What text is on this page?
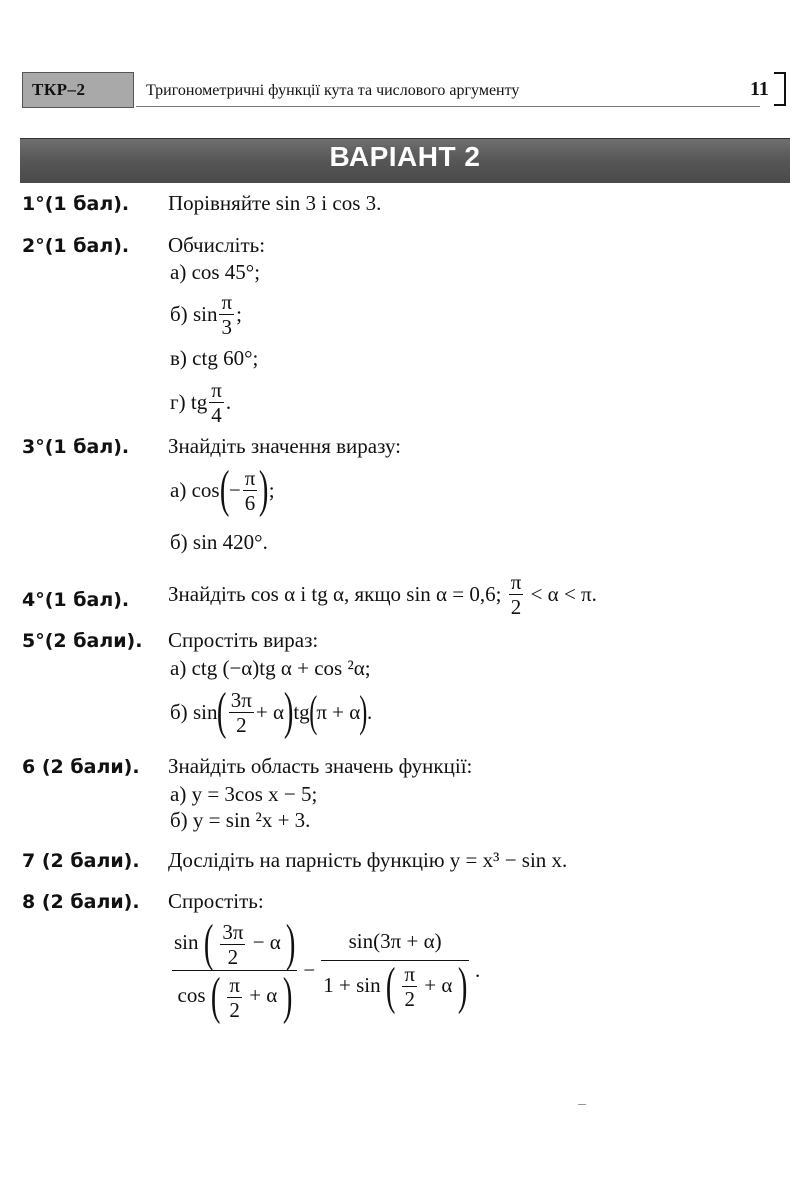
ТКР–2	Тригонометричні функції кута та числового аргументу	11
ВАРІАНТ 2
1°(1 бал). Порівняйте sin 3 і cos 3.
2°(1 бал). Обчисліть:
а) cos 45°;
б)
$\sin \frac{\pi}{3}$ ;
в) ctg 60°;
г)
tg $\frac{\pi}{4}$ .
3°(1 бал). Знайдіть значення виразу:
а)
cos ( − $\frac{\pi}{6}$ ) ;
б) sin 420°.
4°(1 бал). Знайдіть cos α і tg α, якщо sin α = 0,6;
$\frac{\pi}{2}$
< α < π.
5°(2 бали). Спростіть вираз:
а) ctg (−α)tg α + cos ²α;
б)
sin ( $\frac{3\pi}{2} + \alpha$ ) tg ( π + α ) .
6 (2 бали). Знайдіть область значень функції:
а) y = 3cos x − 5;
б) y = sin ²x + 3.
7 (2 бали). Дослідіть на парність функцію y = x³ − sin x.
8 (2 бали). Спростіть:
sin ( $\frac{3\pi}{2} - \alpha$ )
cos ( $\frac{\pi}{2} + \alpha$ ) −
sin(3π + α)
1 + sin ( $\frac{\pi}{2} + \alpha$ ) .
